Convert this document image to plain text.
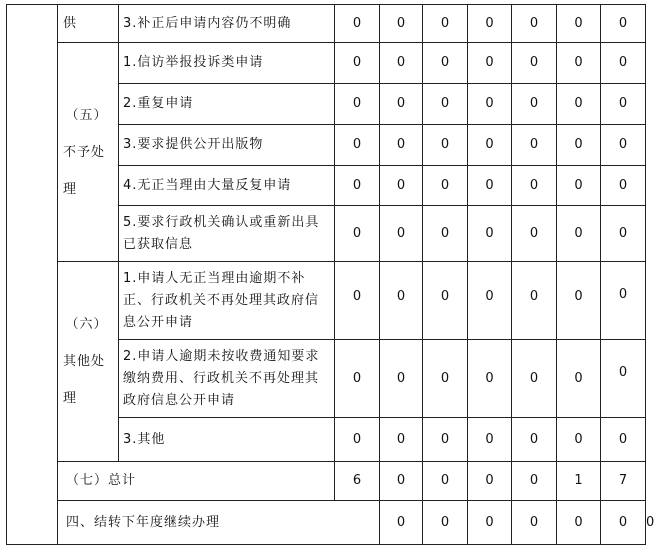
	供	3.补正后申请内容仍不明确	0	0	0	0	0	0	0	

	（五）
不予处
理	1.信访举报投诉类申请	0	0	0	0	0	0	0	
		2.重复申请	0	0	0	0	0	0	0	
		3.要求提供公开出版物	0	0	0	0	0	0	0	
		4.无正当理由大量反复申请	0	0	0	0	0	0	0	
		5.要求行政机关确认或重新出具已获取信息	0	0	0	0	0	0	0	

	（六）
其他处
理	1.申请人无正当理由逾期不补正、行政机关不再处理其政府信息公开申请	0	0	0	0	0	0	0	
		2.申请人逾期未按收费通知要求缴纳费用、行政机关不再处理其政府信息公开申请	0	0	0	0	0	0	0	
		3.其他	0	0	0	0	0	0	0	
	（七）总计		6	0	0	0	0	1	7	
	四、结转下年度继续办理			0	0	0	0	0	0	0
